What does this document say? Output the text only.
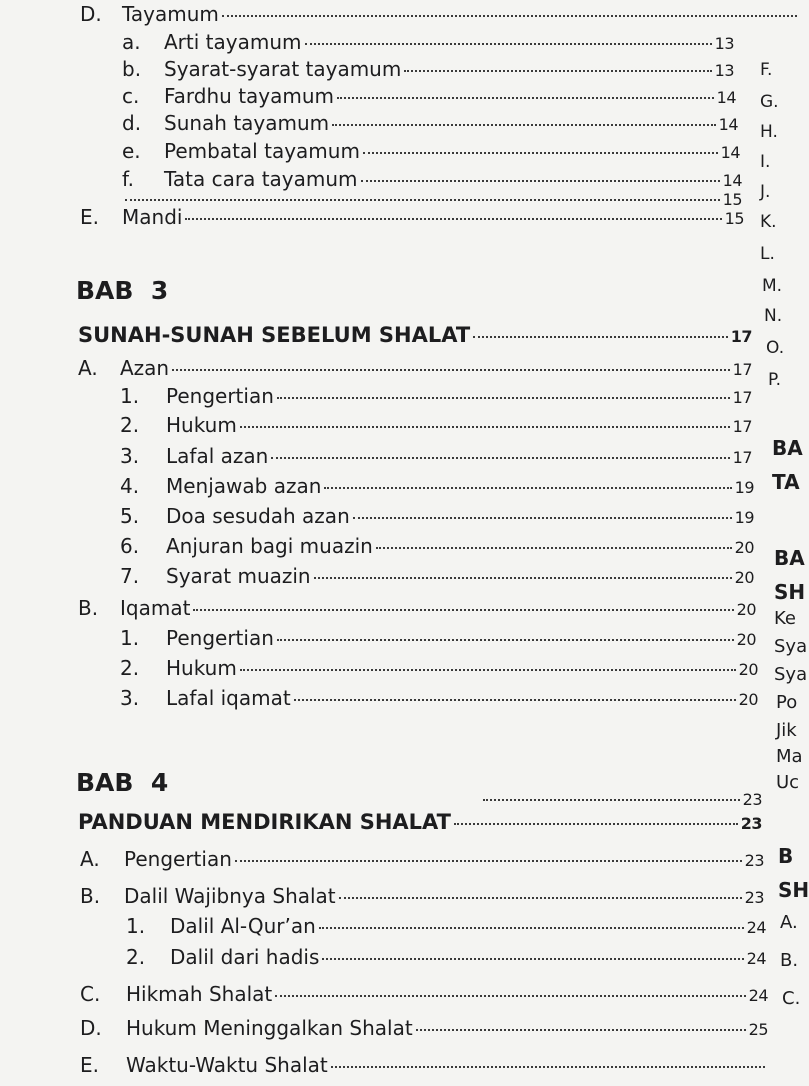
D.	Tayamum
a.	Arti tayamum	13
b.	Syarat-syarat tayamum	13
c.	Fardhu tayamum	14
d.	Sunah tayamum	14
e.	Pembatal tayamum	14
f.	Tata cara tayamum	14
15
E.	Mandi	15
SUNAH-SUNAH SEBELUM SHALAT	17
A.	Azan	17
1.	Pengertian	17
2.	Hukum	17
3.	Lafal azan	17
4.	Menjawab azan	19
5.	Doa sesudah azan	19
6.	Anjuran bagi muazin	20
7.	Syarat muazin	20
B.	Iqamat	20
1.	Pengertian	20
2.	Hukum	20
3.	Lafal iqamat	20
23
PANDUAN MENDIRIKAN SHALAT	23
A.	Pengertian	23
B.	Dalil Wajibnya Shalat	23
1.	Dalil Al-Qur’an	24
2.	Dalil dari hadis	24
C.	Hikmah Shalat	24
D.	Hukum Meninggalkan Shalat	25
E.	Waktu-Waktu Shalat
BAB  3
BAB  4
F.
G.
H.
I.
J.
K.
L.
M.
N.
O.
P.
BA
TA
BA
SH
Ke
Sya
Sya
Po
Jik
Ma
Uc
B
SH
A.
B.
C.
